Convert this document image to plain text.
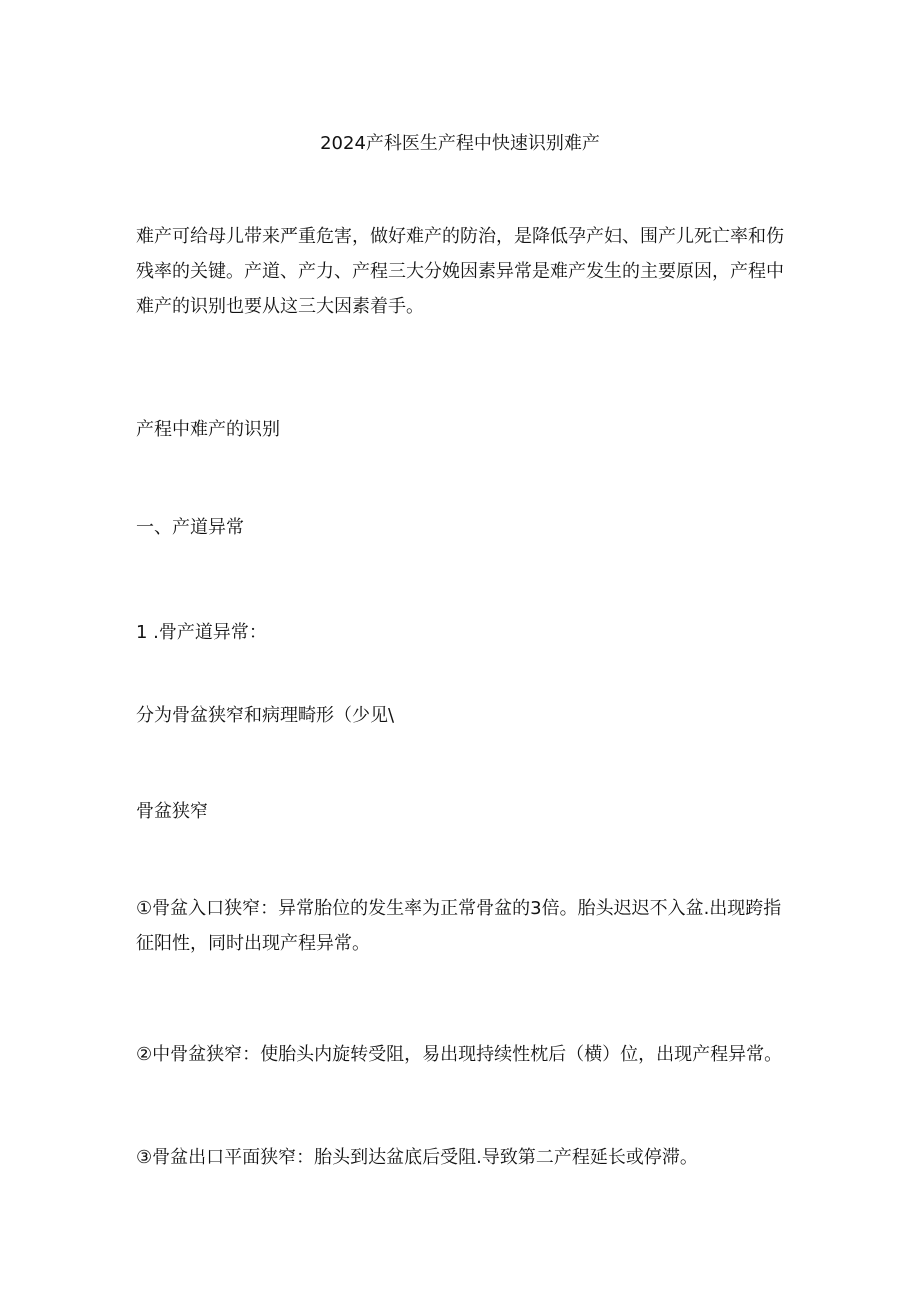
2024产科医生产程中快速识别难产

难产可给母儿带来严重危害，做好难产的防治，是降低孕产妇、围产儿死亡率和伤残率的关键。产道、产力、产程三大分娩因素异常是难产发生的主要原因，产程中难产的识别也要从这三大因素着手。

产程中难产的识别

一、产道异常

1 .骨产道异常：

分为骨盆狭窄和病理畸形（少见\

骨盆狭窄

①骨盆入口狭窄：异常胎位的发生率为正常骨盆的3倍。胎头迟迟不入盆.出现跨指征阳性，同时出现产程异常。

②中骨盆狭窄：使胎头内旋转受阻，易出现持续性枕后（横）位，出现产程异常。

③骨盆出口平面狭窄：胎头到达盆底后受阻.导致第二产程延长或停滞。
